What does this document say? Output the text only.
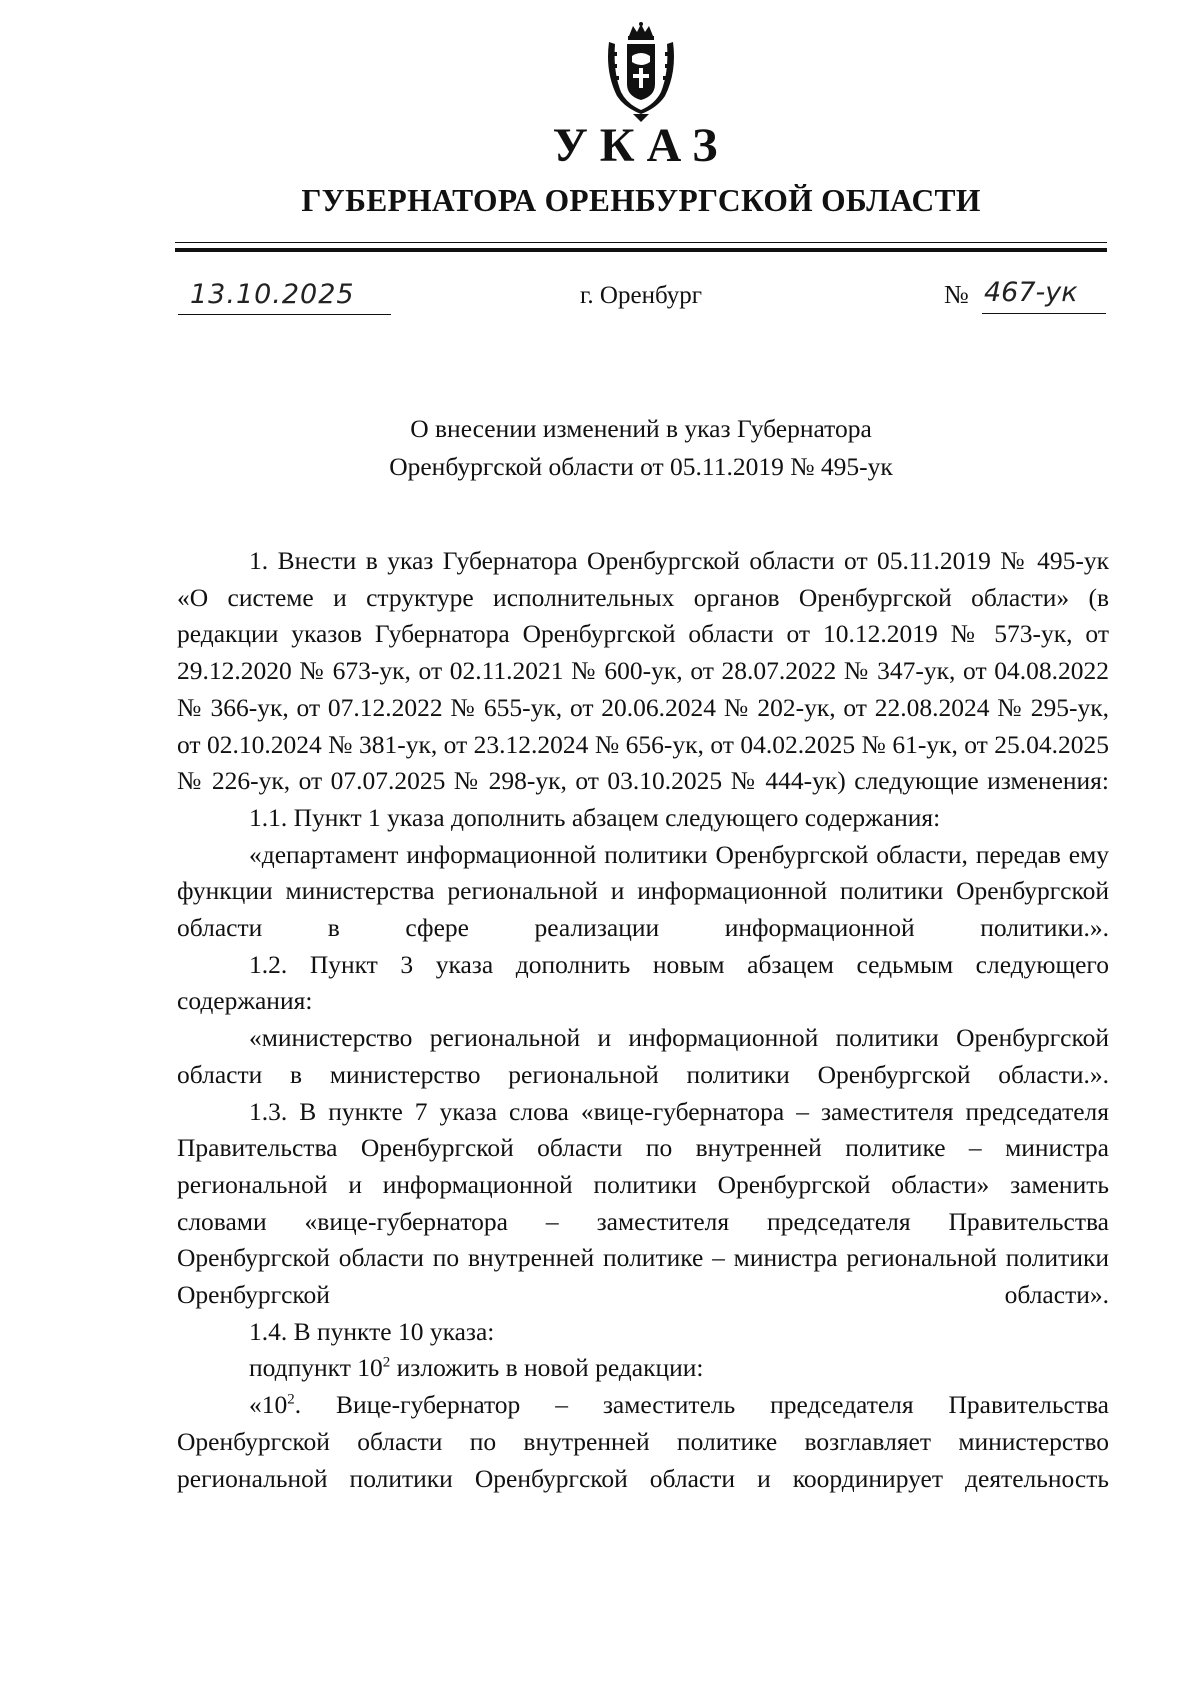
УКАЗ
ГУБЕРНАТОРА ОРЕНБУРГСКОЙ ОБЛАСТИ
13.10.2025	г. Оренбург	№ 467-ук
О внесении изменений в указ Губернатора
Оренбургской области от 05.11.2019 № 495-ук

1. Внести в указ Губернатора Оренбургской области от 05.11.2019 № 495-ук «О системе и структуре исполнительных органов Оренбургской области» (в редакции указов Губернатора Оренбургской области от 10.12.2019 № 573-ук, от 29.12.2020 № 673-ук, от 02.11.2021 № 600-ук, от 28.07.2022 № 347-ук, от 04.08.2022 № 366-ук, от 07.12.2022 № 655-ук, от 20.06.2024 № 202-ук, от 22.08.2024 № 295-ук, от 02.10.2024 № 381-ук, от 23.12.2024 № 656-ук, от 04.02.2025 № 61-ук, от 25.04.2025 № 226-ук, от 07.07.2025 № 298-ук, от 03.10.2025 № 444-ук) следующие изменения:

1.1. Пункт 1 указа дополнить абзацем следующего содержания:

«департамент информационной политики Оренбургской области, передав ему функции министерства региональной и информационной политики Оренбургской области в сфере реализации информационной политики.».

1.2. Пункт 3 указа дополнить новым абзацем седьмым следующего содержания:

«министерство региональной и информационной политики Оренбургской области в министерство региональной политики Оренбургской области.».

1.3. В пункте 7 указа слова «вице-губернатора – заместителя председателя Правительства Оренбургской области по внутренней политике – министра региональной и информационной политики Оренбургской области» заменить словами «вице-губернатора – заместителя председателя Правительства Оренбургской области по внутренней политике – министра региональной политики Оренбургской области».

1.4. В пункте 10 указа:

подпункт $10^2$ изложить в новой редакции:

«$10^2$. Вице-губернатор – заместитель председателя Правительства Оренбургской области по внутренней политике возглавляет министерство региональной политики Оренбургской области и координирует деятельность
